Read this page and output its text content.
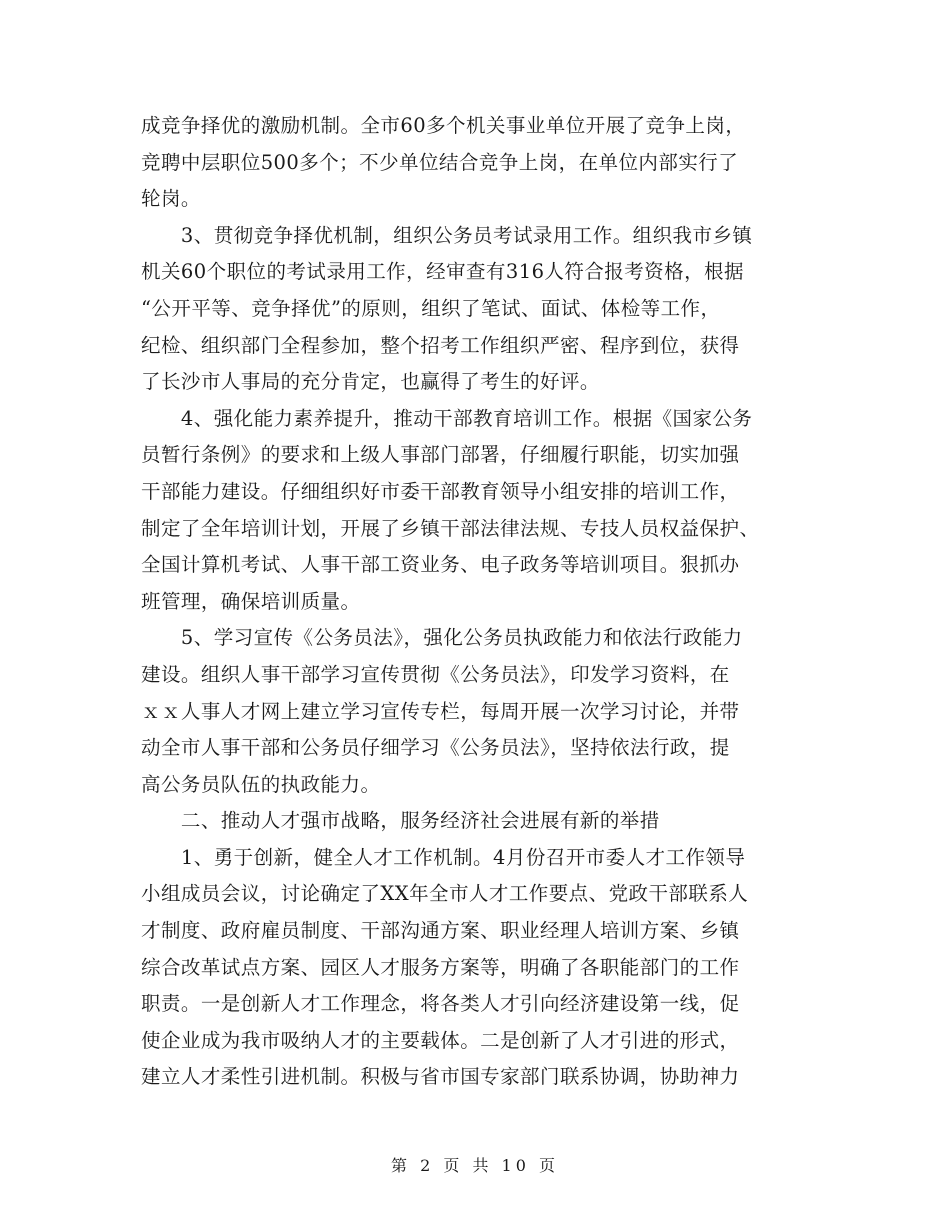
成竞争择优的激励机制。全市60多个机关事业单位开展了竞争上岗，
竞聘中层职位500多个；不少单位结合竞争上岗，在单位内部实行了
轮岗。
　　3、贯彻竞争择优机制，组织公务员考试录用工作。组织我市乡镇
机关60个职位的考试录用工作，经审查有316人符合报考资格，根据
“公开平等、竞争择优”的原则，组织了笔试、面试、体检等工作，
纪检、组织部门全程参加，整个招考工作组织严密、程序到位，获得
了长沙市人事局的充分肯定，也赢得了考生的好评。
　　4、强化能力素养提升，推动干部教育培训工作。根据《国家公务
员暂行条例》的要求和上级人事部门部署，仔细履行职能，切实加强
干部能力建设。仔细组织好市委干部教育领导小组安排的培训工作，
制定了全年培训计划，开展了乡镇干部法律法规、专技人员权益保护、
全国计算机考试、人事干部工资业务、电子政务等培训项目。狠抓办
班管理，确保培训质量。
　　5、学习宣传《公务员法》，强化公务员执政能力和依法行政能力
建设。组织人事干部学习宣传贯彻《公务员法》，印发学习资料，在
ｘｘ人事人才网上建立学习宣传专栏，每周开展一次学习讨论，并带
动全市人事干部和公务员仔细学习《公务员法》，坚持依法行政，提
高公务员队伍的执政能力。
　　二、推动人才强市战略，服务经济社会进展有新的举措
　　1、勇于创新，健全人才工作机制。4月份召开市委人才工作领导
小组成员会议，讨论确定了XX年全市人才工作要点、党政干部联系人
才制度、政府雇员制度、干部沟通方案、职业经理人培训方案、乡镇
综合改革试点方案、园区人才服务方案等，明确了各职能部门的工作
职责。一是创新人才工作理念，将各类人才引向经济建设第一线，促
使企业成为我市吸纳人才的主要载体。二是创新了人才引进的形式，
建立人才柔性引进机制。积极与省市国专家部门联系协调，协助神力
第 2 页 共 10 页
